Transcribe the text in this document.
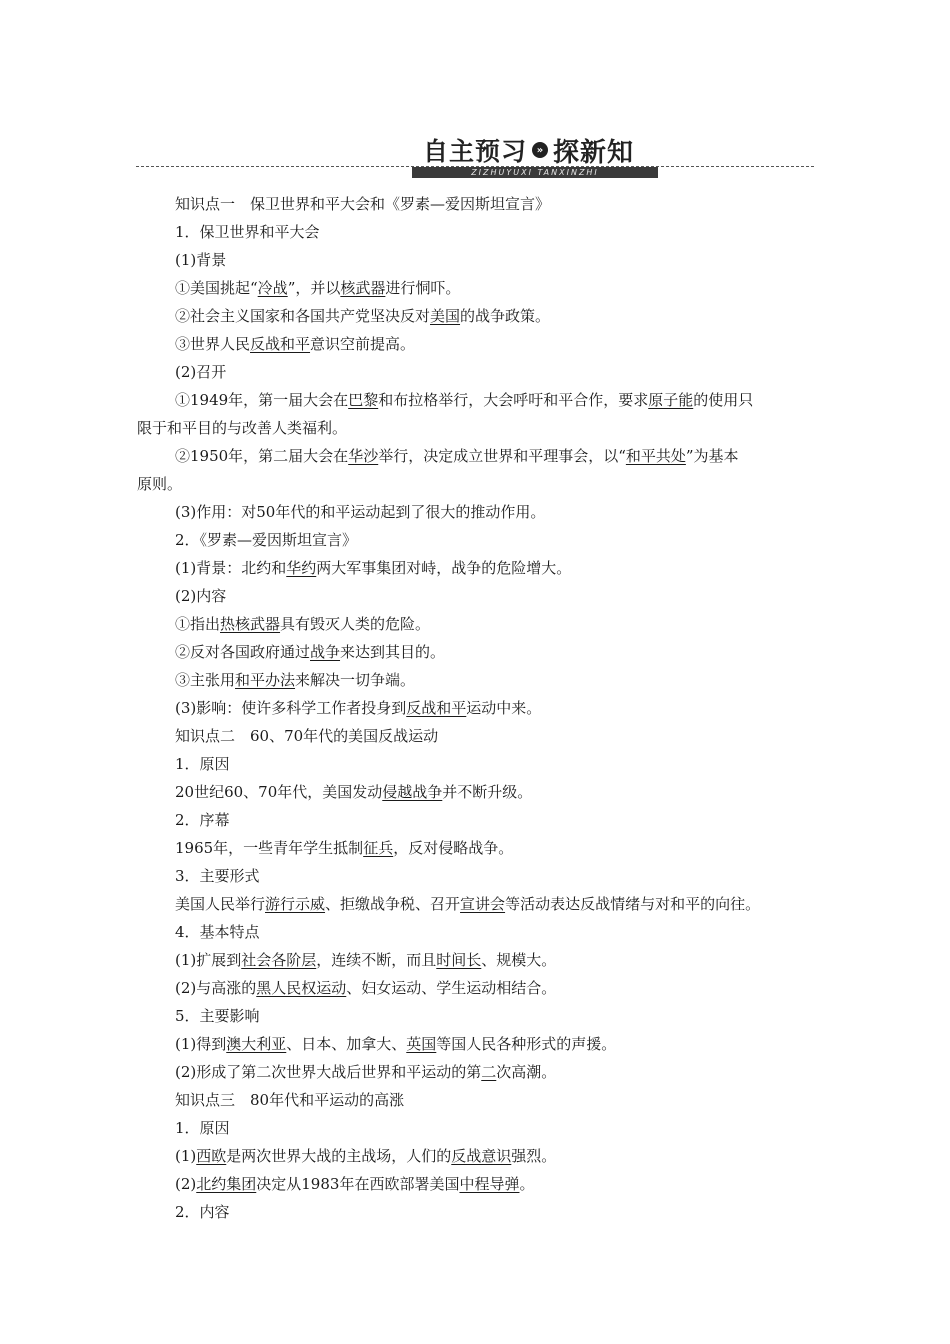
自主预习 » 探新知
ZIZHUYUXI TANXINZHI
知识点一　保卫世界和平大会和《罗素—爱因斯坦宣言》
1．保卫世界和平大会
(1)背景
①美国挑起“冷战”，并以核武器进行恫吓。
②社会主义国家和各国共产党坚决反对美国的战争政策。
③世界人民反战和平意识空前提高。
(2)召开
①1949年，第一届大会在巴黎和布拉格举行，大会呼吁和平合作，要求原子能的使用只
限于和平目的与改善人类福利。
②1950年，第二届大会在华沙举行，决定成立世界和平理事会，以“和平共处”为基本
原则。
(3)作用：对50年代的和平运动起到了很大的推动作用。
2．《罗素—爱因斯坦宣言》
(1)背景：北约和华约两大军事集团对峙，战争的危险增大。
(2)内容
①指出热核武器具有毁灭人类的危险。
②反对各国政府通过战争来达到其目的。
③主张用和平办法来解决一切争端。
(3)影响：使许多科学工作者投身到反战和平运动中来。
知识点二　60、70年代的美国反战运动
1．原因
20世纪60、70年代，美国发动侵越战争并不断升级。
2．序幕
1965年，一些青年学生抵制征兵，反对侵略战争。
3．主要形式
美国人民举行游行示威、拒缴战争税、召开宣讲会等活动表达反战情绪与对和平的向往。
4．基本特点
(1)扩展到社会各阶层，连续不断，而且时间长、规模大。
(2)与高涨的黑人民权运动、妇女运动、学生运动相结合。
5．主要影响
(1)得到澳大利亚、日本、加拿大、英国等国人民各种形式的声援。
(2)形成了第二次世界大战后世界和平运动的第二次高潮。
知识点三　80年代和平运动的高涨
1．原因
(1)西欧是两次世界大战的主战场，人们的反战意识强烈。
(2)北约集团决定从1983年在西欧部署美国中程导弹。
2．内容
